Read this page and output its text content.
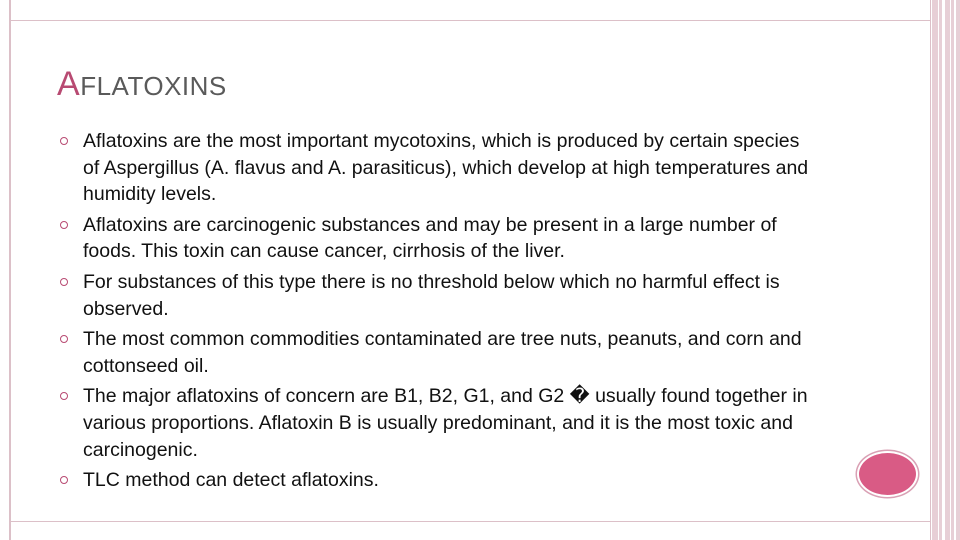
AFLATOXINS
Aflatoxins are the most important mycotoxins, which is produced by certain species of Aspergillus (A. flavus and A. parasiticus), which develop at high temperatures and humidity levels.
Aflatoxins are carcinogenic substances and may be present in a large number of foods. This toxin can cause cancer, cirrhosis of the liver.
For substances of this type there is no threshold below which no harmful effect is observed.
The most common commodities contaminated are tree nuts, peanuts, and corn and cottonseed oil.
The major aflatoxins of concern are B1, B2, G1, and G2 � usually found together in various proportions. Aflatoxin B is usually predominant, and it is the most toxic and carcinogenic.
TLC method can detect aflatoxins.
